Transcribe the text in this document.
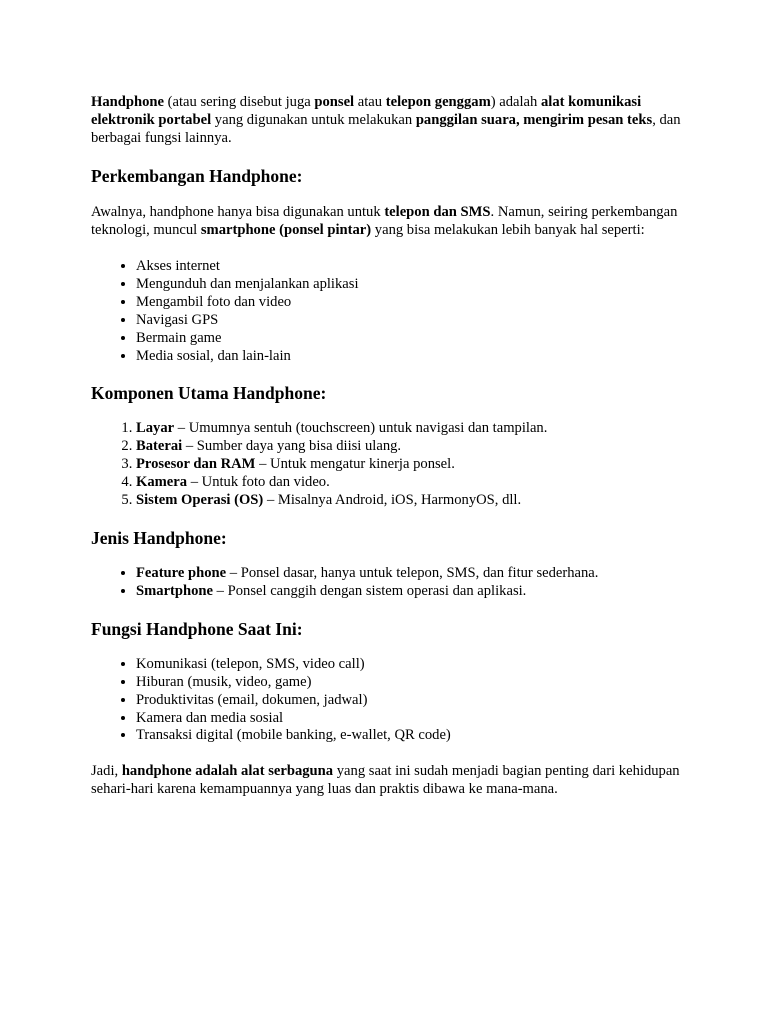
Handphone (atau sering disebut juga ponsel atau telepon genggam) adalah alat komunikasi elektronik portabel yang digunakan untuk melakukan panggilan suara, mengirim pesan teks, dan berbagai fungsi lainnya.

Perkembangan Handphone:

Awalnya, handphone hanya bisa digunakan untuk telepon dan SMS. Namun, seiring perkembangan teknologi, muncul smartphone (ponsel pintar) yang bisa melakukan lebih banyak hal seperti:

• Akses internet
• Mengunduh dan menjalankan aplikasi
• Mengambil foto dan video
• Navigasi GPS
• Bermain game
• Media sosial, dan lain-lain
Komponen Utama Handphone:
1. Layar – Umumnya sentuh (touchscreen) untuk navigasi dan tampilan.
2. Baterai – Sumber daya yang bisa diisi ulang.
3. Prosesor dan RAM – Untuk mengatur kinerja ponsel.
4. Kamera – Untuk foto dan video.
5. Sistem Operasi (OS) – Misalnya Android, iOS, HarmonyOS, dll.
Jenis Handphone:
• Feature phone – Ponsel dasar, hanya untuk telepon, SMS, dan fitur sederhana.
• Smartphone – Ponsel canggih dengan sistem operasi dan aplikasi.
Fungsi Handphone Saat Ini:
• Komunikasi (telepon, SMS, video call)
• Hiburan (musik, video, game)
• Produktivitas (email, dokumen, jadwal)
• Kamera dan media sosial
• Transaksi digital (mobile banking, e-wallet, QR code)

Jadi, handphone adalah alat serbaguna yang saat ini sudah menjadi bagian penting dari kehidupan sehari-hari karena kemampuannya yang luas dan praktis dibawa ke mana-mana.
